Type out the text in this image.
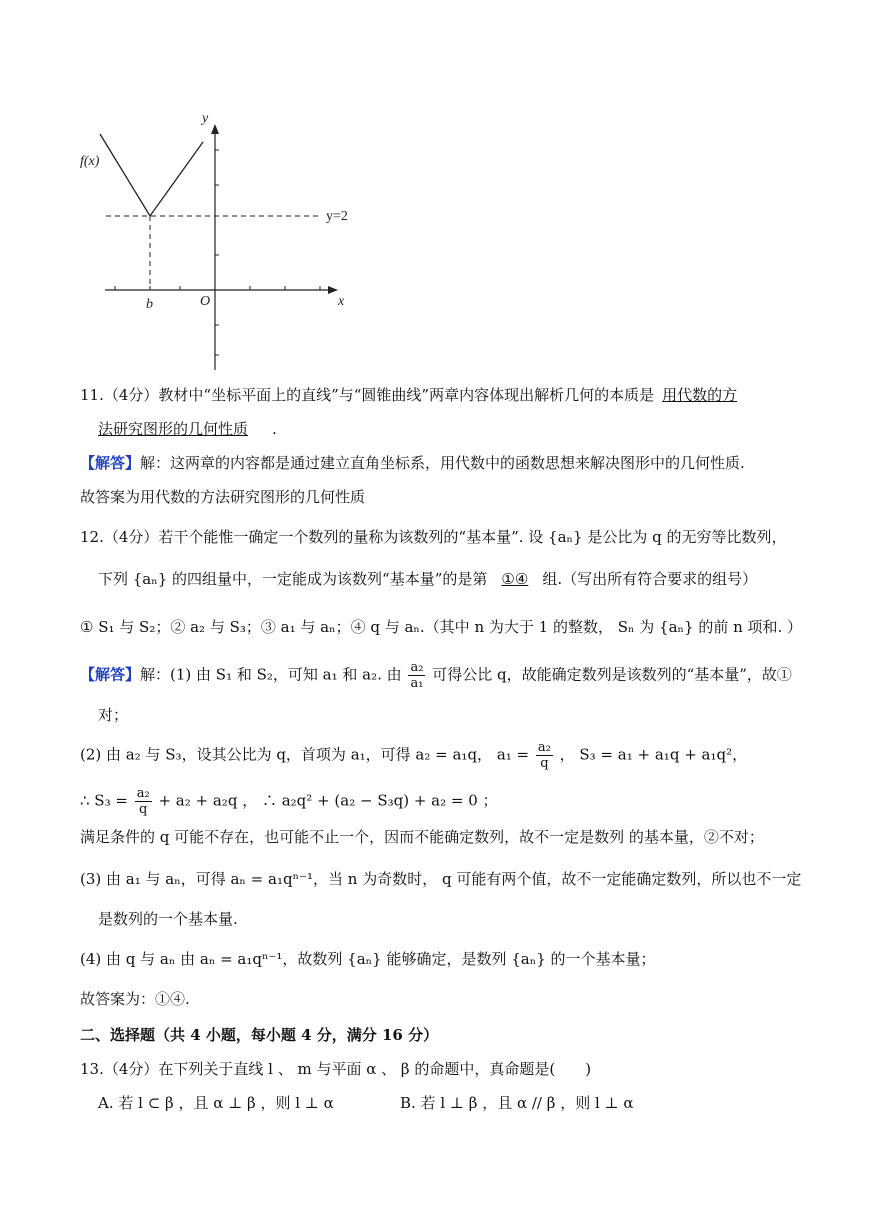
f(x)
y
x
O
b
y=2
11.（4分）教材中“坐标平面上的直线”与“圆锥曲线”两章内容体现出解析几何的本质是 用代数的方
法研究图形的几何性质 .
【解答】解：这两章的内容都是通过建立直角坐标系，用代数中的函数思想来解决图形中的几何性质.
故答案为用代数的方法研究图形的几何性质
12.（4分）若干个能惟一确定一个数列的量称为该数列的“基本量”. 设 {aₙ} 是公比为 q 的无穷等比数列，
下列 {aₙ} 的四组量中，一定能成为该数列“基本量”的是第 ①④ 组.（写出所有符合要求的组号）
① S₁ 与 S₂；② a₂ 与 S₃；③ a₁ 与 aₙ；④ q 与 aₙ.（其中 n 为大于 1 的整数， Sₙ 为 {aₙ} 的前 n 项和. ）
【解答】解：(1) 由 S₁ 和 S₂，可知 a₁ 和 a₂. 由 $\frac{\text{a₂}}{\text{a₁}}$ 可得公比 q，故能确定数列是该数列的“基本量”，故①
对；
(2) 由 a₂ 与 S₃，设其公比为 q，首项为 a₁，可得 a₂ = a₁q， $a_1 = \frac{\text{a₂}}{q}$ ， S₃ = a₁ + a₁q + a₁q²，
∴ $S_3 = \frac{\text{a₂}}{q} + a_2 + a_2q$ ， ∴ a₂q² + (a₂ − S₃q) + a₂ = 0 ；
满足条件的 q 可能不存在，也可能不止一个，因而不能确定数列，故不一定是数列 的基本量，②不对；
(3) 由 a₁ 与 aₙ，可得 aₙ = a₁qⁿ⁻¹，当 n 为奇数时， q 可能有两个值，故不一定能确定数列，所以也不一定
是数列的一个基本量.
(4) 由 q 与 aₙ 由 aₙ = a₁qⁿ⁻¹，故数列 {aₙ} 能够确定，是数列 {aₙ} 的一个基本量；
故答案为：①④.
二、选择题（共 4 小题，每小题 4 分，满分 16 分）
13.（4分）在下列关于直线 l 、 m 与平面 α 、 β 的命题中，真命题是(　　)
A. 若 l ⊂ β ，且 α ⊥ β ，则 l ⊥ α	B. 若 l ⊥ β ，且 α // β ，则 l ⊥ α
